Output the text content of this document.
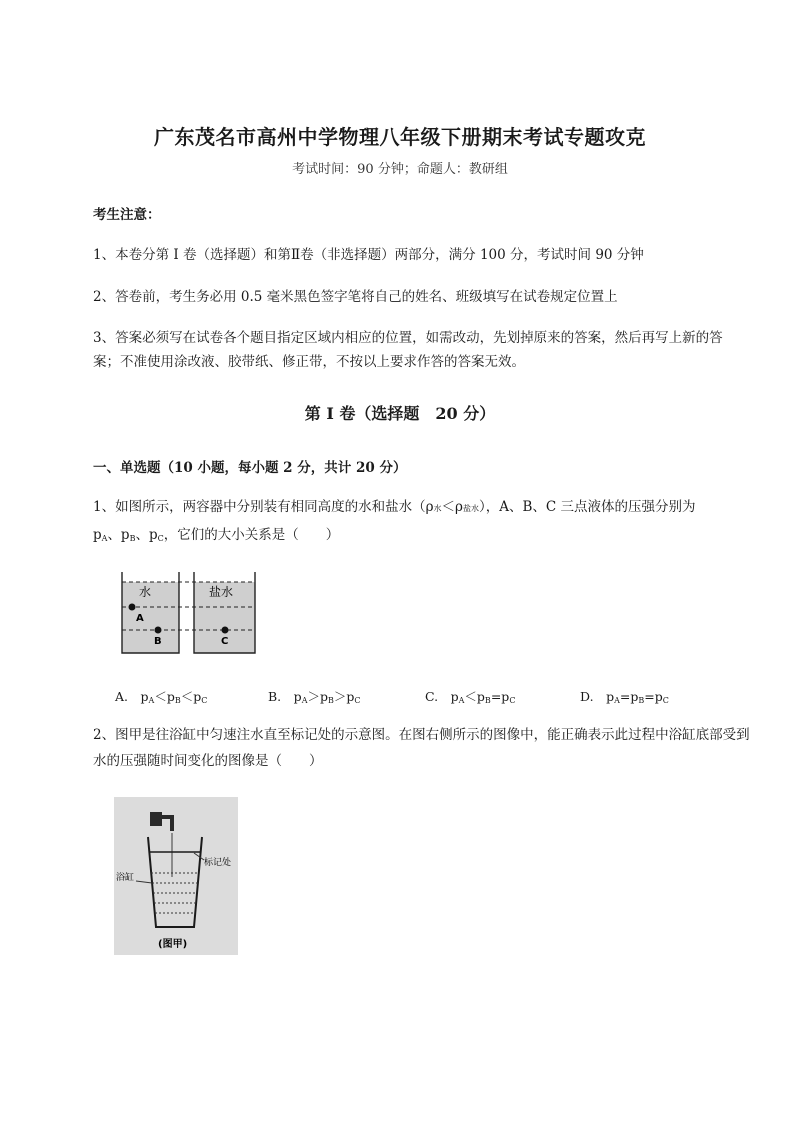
广东茂名市高州中学物理八年级下册期末考试专题攻克
考试时间：90 分钟；命题人：教研组
考生注意：
1、本卷分第 I 卷（选择题）和第Ⅱ卷（非选择题）两部分，满分 100 分，考试时间 90 分钟
2、答卷前，考生务必用 0.5 毫米黑色签字笔将自己的姓名、班级填写在试卷规定位置上
3、答案必须写在试卷各个题目指定区域内相应的位置，如需改动，先划掉原来的答案，然后再写上新的答案；不准使用涂改液、胶带纸、修正带，不按以上要求作答的答案无效。
第 I 卷（选择题　20 分）
一、单选题（10 小题，每小题 2 分，共计 20 分）
1、如图所示，两容器中分别装有相同高度的水和盐水（ρ水＜ρ盐水），A、B、C 三点液体的压强分别为
$p_A$、$p_B$、$p_C$，它们的大小关系是（　　）
水	盐水
A
B	C
A.　$p_A<p_B<p_C$	B.　$p_A>p_B>p_C$	C.　$p_A<p_B=p_C$	D.　$p_A=p_B=p_C$
2、图甲是往浴缸中匀速注水直至标记处的示意图。在图右侧所示的图像中，能正确表示此过程中浴缸底部受到水的压强随时间变化的图像是（　　）
标记处
浴缸
(图甲)
